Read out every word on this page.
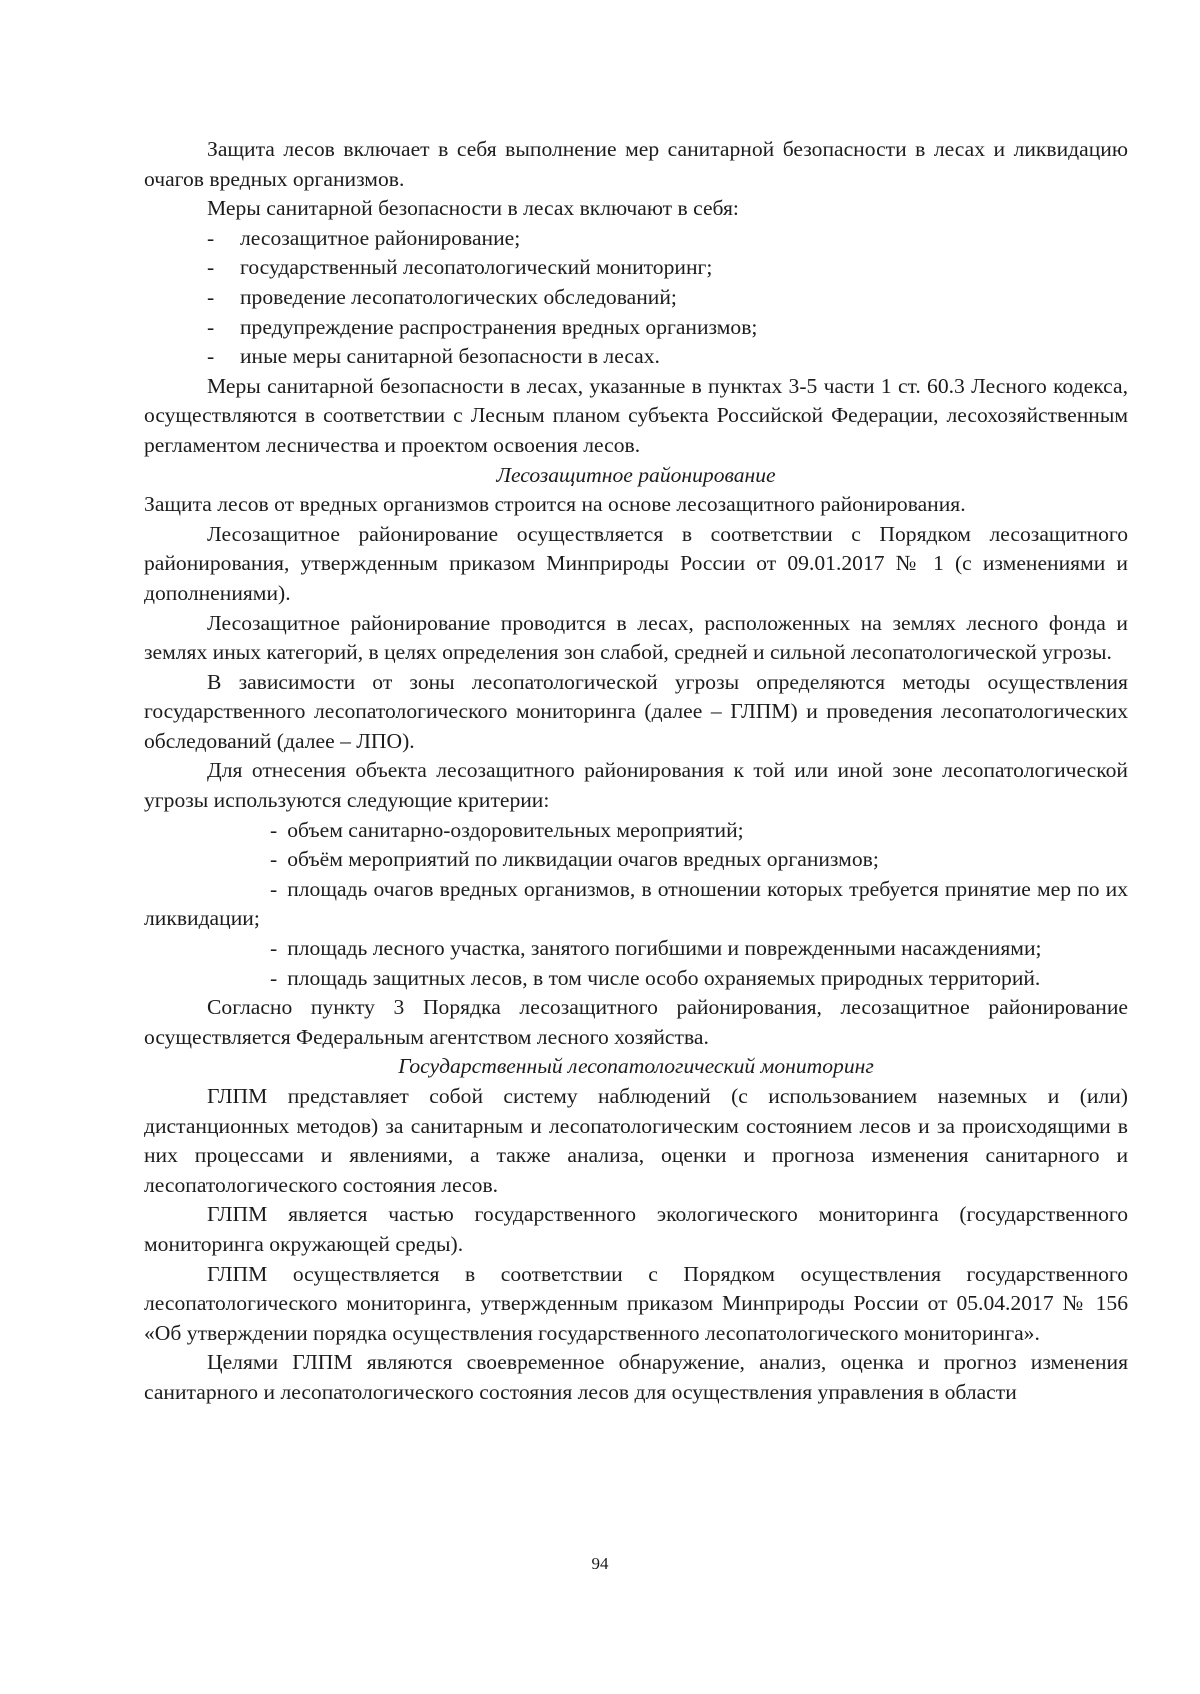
Защита лесов включает в себя выполнение мер санитарной безопасности в лесах и ликвидацию очагов вредных организмов.

Меры санитарной безопасности в лесах включают в себя:

- лесозащитное районирование;

- государственный лесопатологический мониторинг;

- проведение лесопатологических обследований;

- предупреждение распространения вредных организмов;

- иные меры санитарной безопасности в лесах.

Меры санитарной безопасности в лесах, указанные в пунктах 3-5 части 1 ст. 60.3 Лесного кодекса, осуществляются в соответствии с Лесным планом субъекта Российской Федерации, лесохозяйственным регламентом лесничества и проектом освоения лесов.

Лесозащитное районирование

Защита лесов от вредных организмов строится на основе лесозащитного районирования.

Лесозащитное районирование осуществляется в соответствии с Порядком лесозащитного районирования, утвержденным приказом Минприроды России от 09.01.2017 № 1 (с изменениями и дополнениями).

Лесозащитное районирование проводится в лесах, расположенных на землях лесного фонда и землях иных категорий, в целях определения зон слабой, средней и сильной лесопатологической угрозы.

В зависимости от зоны лесопатологической угрозы определяются методы осуществления государственного лесопатологического мониторинга (далее – ГЛПМ) и проведения лесопатологических обследований (далее – ЛПО).

Для отнесения объекта лесозащитного районирования к той или иной зоне лесопатологической угрозы используются следующие критерии:

- объем санитарно-оздоровительных мероприятий;

- объём мероприятий по ликвидации очагов вредных организмов;

- площадь очагов вредных организмов, в отношении которых требуется принятие мер по их ликвидации;

- площадь лесного участка, занятого погибшими и поврежденными насаждениями;

- площадь защитных лесов, в том числе особо охраняемых природных территорий.

Согласно пункту 3 Порядка лесозащитного районирования, лесозащитное районирование осуществляется Федеральным агентством лесного хозяйства.

Государственный лесопатологический мониторинг

ГЛПМ представляет собой систему наблюдений (с использованием наземных и (или) дистанционных методов) за санитарным и лесопатологическим состоянием лесов и за происходящими в них процессами и явлениями, а также анализа, оценки и прогноза изменения санитарного и лесопатологического состояния лесов.

ГЛПМ является частью государственного экологического мониторинга (государственного мониторинга окружающей среды).

ГЛПМ осуществляется в соответствии с Порядком осуществления государственного лесопатологического мониторинга, утвержденным приказом Минприроды России от 05.04.2017 № 156 «Об утверждении порядка осуществления государственного лесопатологического мониторинга».

Целями ГЛПМ являются своевременное обнаружение, анализ, оценка и прогноз изменения санитарного и лесопатологического состояния лесов для осуществления управления в области

94
